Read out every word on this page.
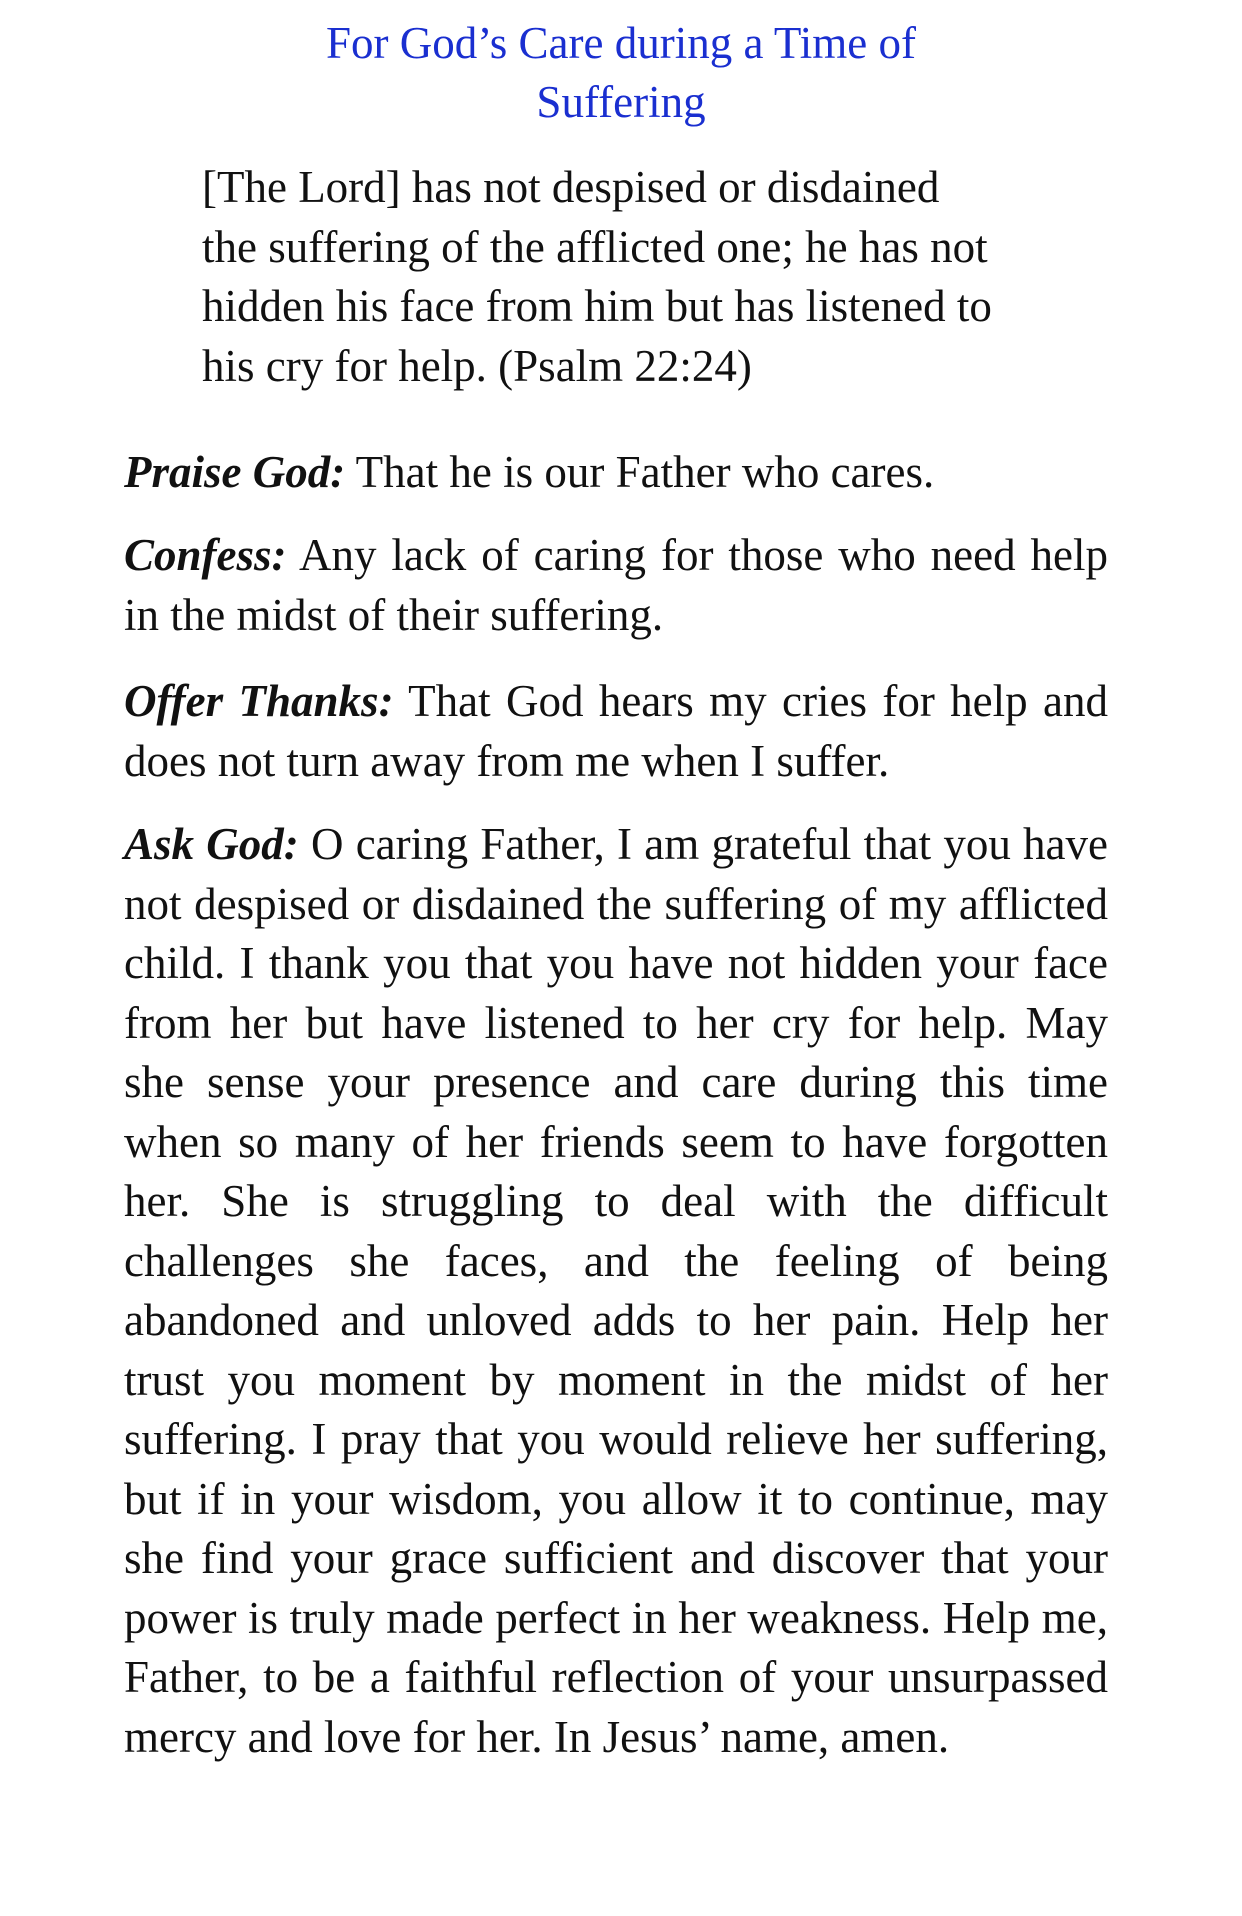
For God’s Care during a Time of Suffering

[The Lord] has not despised or disdained the suffering of the afflicted one; he has not hidden his face from him but has listened to his cry for help. (Psalm 22:24)

Praise God: That he is our Father who cares.

Confess: Any lack of caring for those who need help in the midst of their suffering.

Offer Thanks: That God hears my cries for help and does not turn away from me when I suffer.

Ask God: O caring Father, I am grateful that you have not despised or disdained the suffering of my afflicted child. I thank you that you have not hidden your face from her but have listened to her cry for help. May she sense your presence and care during this time when so many of her friends seem to have forgotten her. She is struggling to deal with the difficult challenges she faces, and the feeling of being abandoned and unloved adds to her pain. Help her trust you moment by moment in the midst of her suffering. I pray that you would relieve her suffering, but if in your wisdom, you allow it to continue, may she find your grace sufficient and discover that your power is truly made perfect in her weakness. Help me, Father, to be a faithful reflection of your unsurpassed mercy and love for her. In Jesus’ name, amen.
